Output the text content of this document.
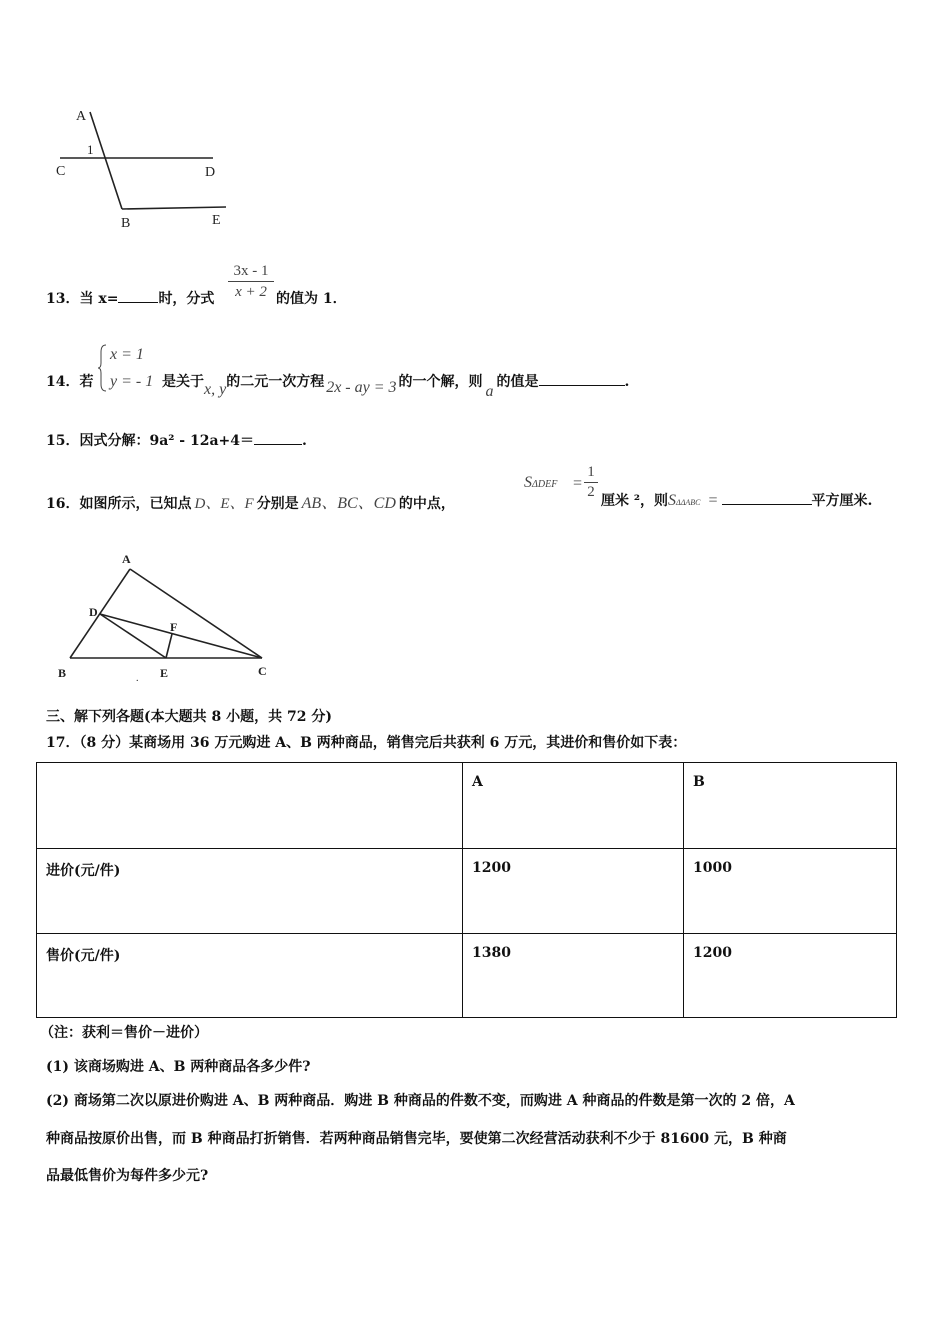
A
1
C	D
B	E
13．当 x=	时，分式
3x - 1
x + 2 的值为 1．
14．若
x = 1
y = - 1 是关于x, y的二元一次方程 2x - ay = 3 的一个解，则a的值是	.
15．因式分解：9a² - 12a+4＝	.
16．如图所示，已知点 D、E、F 分别是 AB、BC、CD 的中点，
SΔDEF =
1
2
厘米 ²，则SΔΔABC =	平方厘米.
A
D
F
B	E	C
.
三、解下列各题(本大题共 8 小题，共 72 分)
17．（8 分）某商场用 36 万元购进 A、B 两种商品，销售完后共获利 6 万元，其进价和售价如下表：
	A	B
进价(元/件)	1200	1000
售价(元/件)	1380	1200
（注：获利＝售价－进价）
(1) 该商场购进 A、B 两种商品各多少件?
(2) 商场第二次以原进价购进 A、B 两种商品．购进 B 种商品的件数不变，而购进 A 种商品的件数是第一次的 2 倍，A
种商品按原价出售，而 B 种商品打折销售．若两种商品销售完毕，要使第二次经营活动获利不少于 81600 元，B 种商
品最低售价为每件多少元?
